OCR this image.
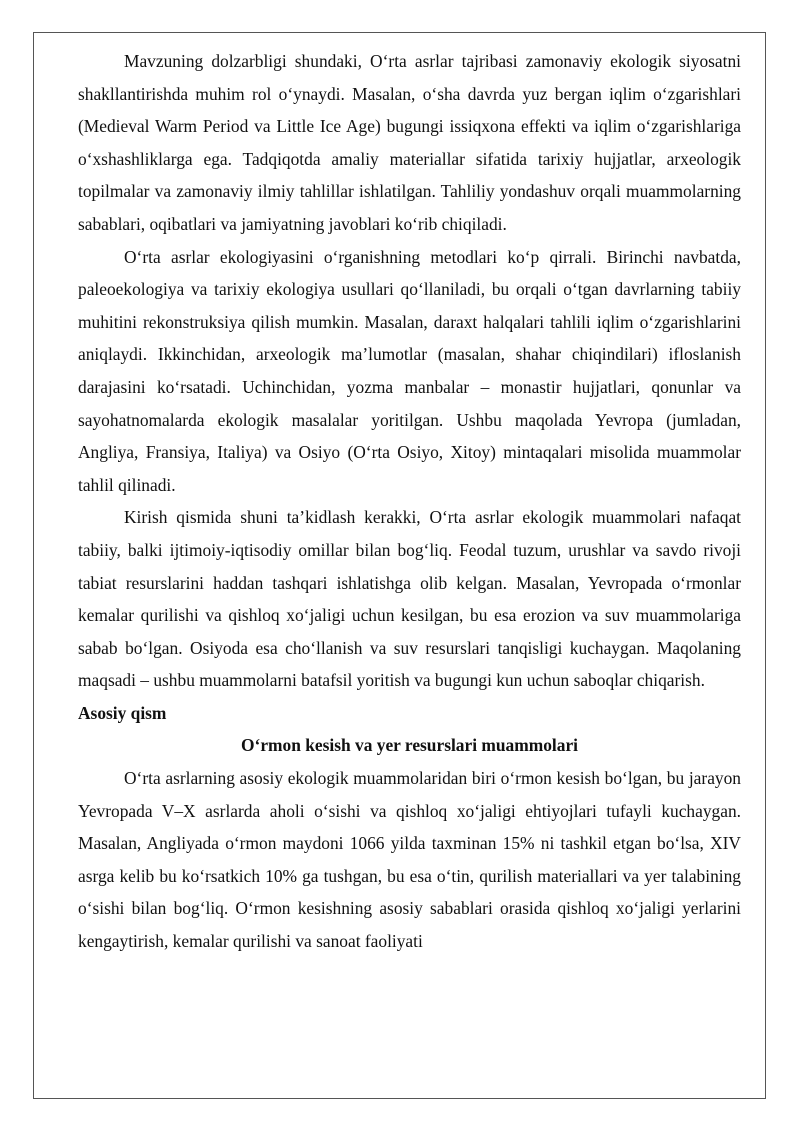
Mavzuning dolzarbligi shundaki, O‘rta asrlar tajribasi zamonaviy ekologik siyosatni shakllantirishda muhim rol o‘ynaydi. Masalan, o‘sha davrda yuz bergan iqlim o‘zgarishlari (Medieval Warm Period va Little Ice Age) bugungi issiqxona effekti va iqlim o‘zgarishlariga o‘xshashliklarga ega. Tadqiqotda amaliy materiallar sifatida tarixiy hujjatlar, arxeologik topilmalar va zamonaviy ilmiy tahlillar ishlatilgan. Tahliliy yondashuv orqali muammolarning sabablari, oqibatlari va jamiyatning javoblari ko‘rib chiqiladi.

O‘rta asrlar ekologiyasini o‘rganishning metodlari ko‘p qirrali. Birinchi navbatda, paleoekologiya va tarixiy ekologiya usullari qo‘llaniladi, bu orqali o‘tgan davrlarning tabiiy muhitini rekonstruksiya qilish mumkin. Masalan, daraxt halqalari tahlili iqlim o‘zgarishlarini aniqlaydi. Ikkinchidan, arxeologik ma’lumotlar (masalan, shahar chiqindilari) ifloslanish darajasini ko‘rsatadi. Uchinchidan, yozma manbalar – monastir hujjatlari, qonunlar va sayohatnomalarda ekologik masalalar yoritilgan. Ushbu maqolada Yevropa (jumladan, Angliya, Fransiya, Italiya) va Osiyo (O‘rta Osiyo, Xitoy) mintaqalari misolida muammolar tahlil qilinadi.

Kirish qismida shuni ta’kidlash kerakki, O‘rta asrlar ekologik muammolari nafaqat tabiiy, balki ijtimoiy-iqtisodiy omillar bilan bog‘liq. Feodal tuzum, urushlar va savdo rivoji tabiat resurslarini haddan tashqari ishlatishga olib kelgan. Masalan, Yevropada o‘rmonlar kemalar qurilishi va qishloq xo‘jaligi uchun kesilgan, bu esa erozion va suv muammolariga sabab bo‘lgan. Osiyoda esa cho‘llanish va suv resurslari tanqisligi kuchaygan. Maqolaning maqsadi – ushbu muammolarni batafsil yoritish va bugungi kun uchun saboqlar chiqarish.

Asosiy qism

O‘rmon kesish va yer resurslari muammolari

O‘rta asrlarning asosiy ekologik muammolaridan biri o‘rmon kesish bo‘lgan, bu jarayon Yevropada V–X asrlarda aholi o‘sishi va qishloq xo‘jaligi ehtiyojlari tufayli kuchaygan. Masalan, Angliyada o‘rmon maydoni 1066 yilda taxminan 15% ni tashkil etgan bo‘lsa, XIV asrga kelib bu ko‘rsatkich 10% ga tushgan, bu esa o‘tin, qurilish materiallari va yer talabining o‘sishi bilan bog‘liq. O‘rmon kesishning asosiy sabablari orasida qishloq xo‘jaligi yerlarini kengaytirish, kemalar qurilishi va sanoat faoliyati
